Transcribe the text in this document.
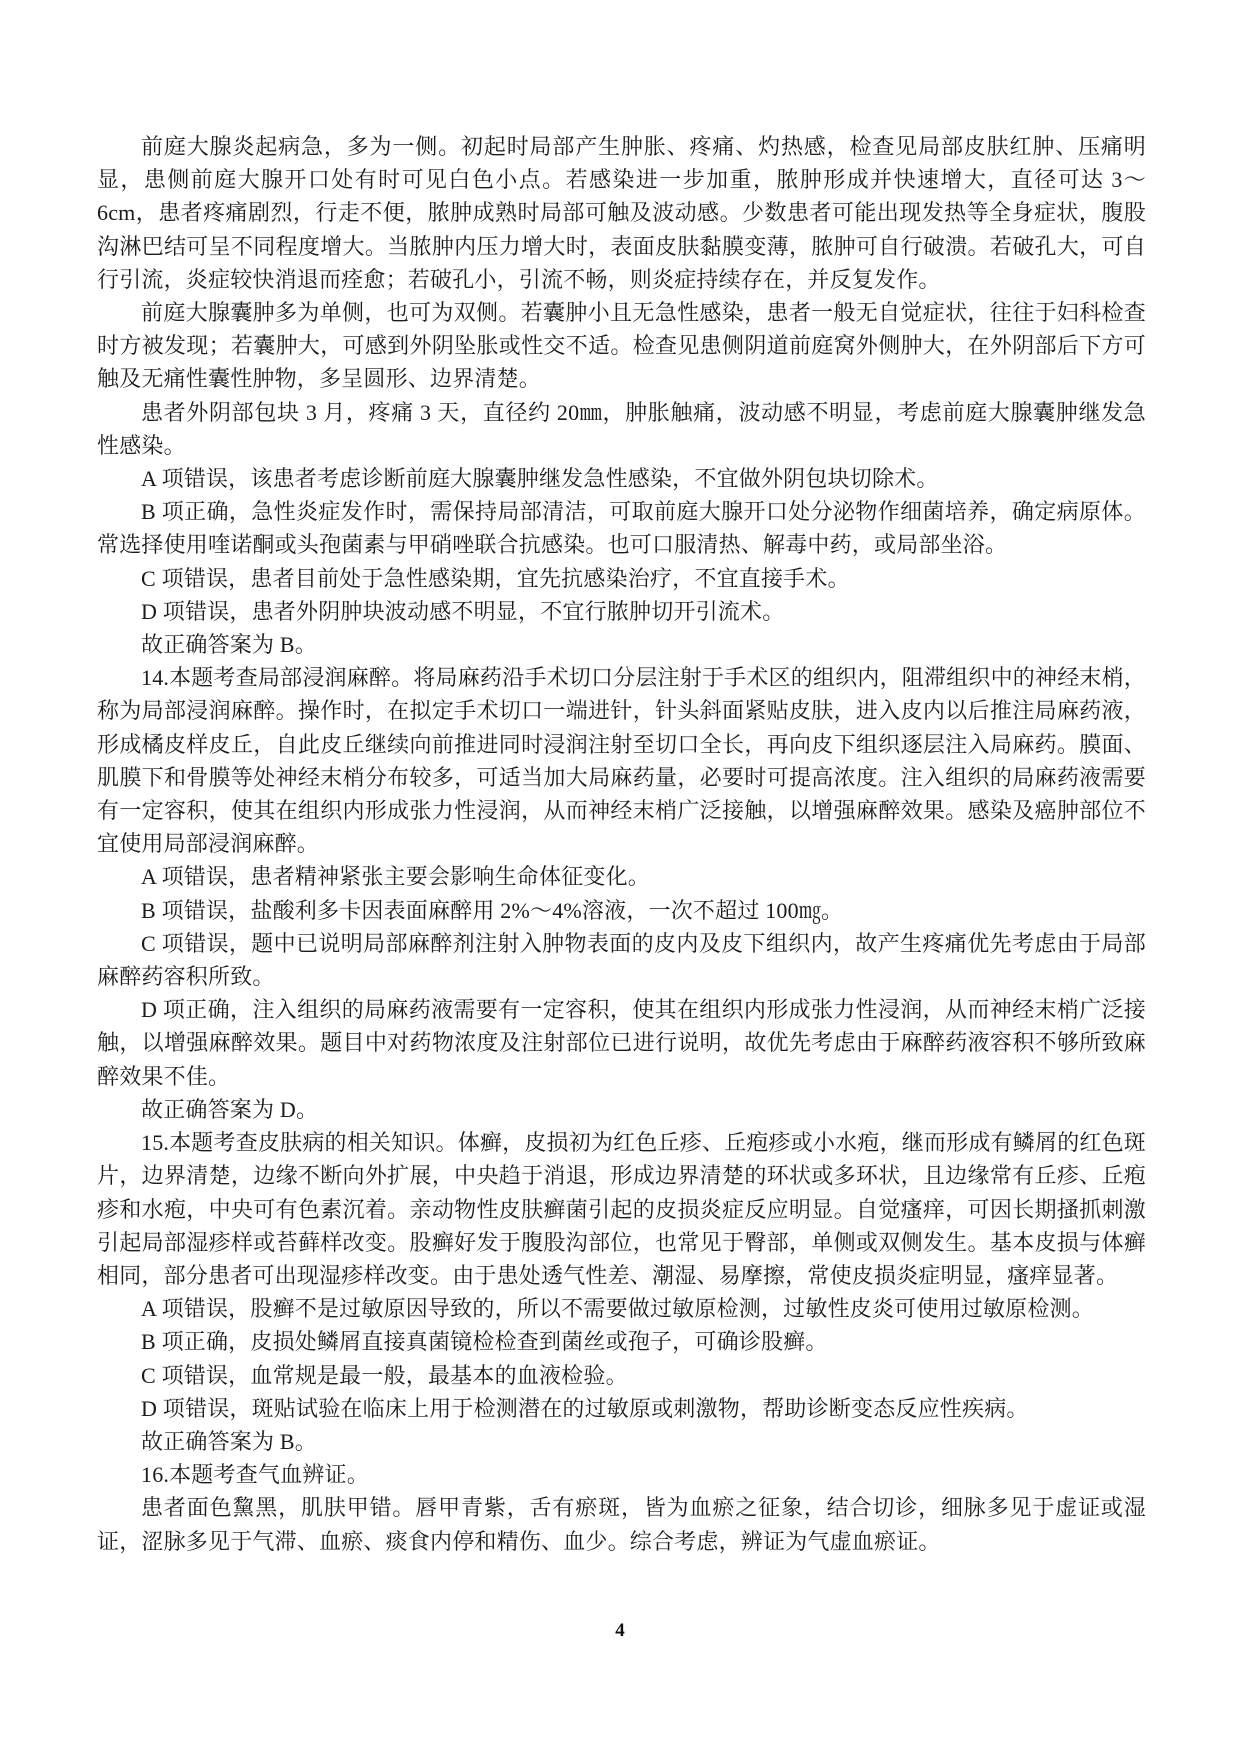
前庭大腺炎起病急，多为一侧。初起时局部产生肿胀、疼痛、灼热感，检查见局部皮肤红肿、压痛明显，患侧前庭大腺开口处有时可见白色小点。若感染进一步加重，脓肿形成并快速增大，直径可达 3～6cm，患者疼痛剧烈，行走不便，脓肿成熟时局部可触及波动感。少数患者可能出现发热等全身症状，腹股沟淋巴结可呈不同程度增大。当脓肿内压力增大时，表面皮肤黏膜变薄，脓肿可自行破溃。若破孔大，可自行引流，炎症较快消退而痊愈；若破孔小，引流不畅，则炎症持续存在，并反复发作。

前庭大腺囊肿多为单侧，也可为双侧。若囊肿小且无急性感染，患者一般无自觉症状，往往于妇科检查时方被发现；若囊肿大，可感到外阴坠胀或性交不适。检查见患侧阴道前庭窝外侧肿大，在外阴部后下方可触及无痛性囊性肿物，多呈圆形、边界清楚。

患者外阴部包块 3 月，疼痛 3 天，直径约 20㎜，肿胀触痛，波动感不明显，考虑前庭大腺囊肿继发急性感染。

A 项错误，该患者考虑诊断前庭大腺囊肿继发急性感染，不宜做外阴包块切除术。

B 项正确，急性炎症发作时，需保持局部清洁，可取前庭大腺开口处分泌物作细菌培养，确定病原体。常选择使用喹诺酮或头孢菌素与甲硝唑联合抗感染。也可口服清热、解毒中药，或局部坐浴。

C 项错误，患者目前处于急性感染期，宜先抗感染治疗，不宜直接手术。

D 项错误，患者外阴肿块波动感不明显，不宜行脓肿切开引流术。

故正确答案为 B。

14.本题考查局部浸润麻醉。将局麻药沿手术切口分层注射于手术区的组织内，阻滞组织中的神经末梢，称为局部浸润麻醉。操作时，在拟定手术切口一端进针，针头斜面紧贴皮肤，进入皮内以后推注局麻药液，形成橘皮样皮丘，自此皮丘继续向前推进同时浸润注射至切口全长，再向皮下组织逐层注入局麻药。膜面、肌膜下和骨膜等处神经末梢分布较多，可适当加大局麻药量，必要时可提高浓度。注入组织的局麻药液需要有一定容积，使其在组织内形成张力性浸润，从而神经末梢广泛接触，以增强麻醉效果。感染及癌肿部位不宜使用局部浸润麻醉。

A 项错误，患者精神紧张主要会影响生命体征变化。

B 项错误，盐酸利多卡因表面麻醉用 2%～4%溶液，一次不超过 100㎎。

C 项错误，题中已说明局部麻醉剂注射入肿物表面的皮内及皮下组织内，故产生疼痛优先考虑由于局部麻醉药容积所致。

D 项正确，注入组织的局麻药液需要有一定容积，使其在组织内形成张力性浸润，从而神经末梢广泛接触，以增强麻醉效果。题目中对药物浓度及注射部位已进行说明，故优先考虑由于麻醉药液容积不够所致麻醉效果不佳。

故正确答案为 D。

15.本题考查皮肤病的相关知识。体癣，皮损初为红色丘疹、丘疱疹或小水疱，继而形成有鳞屑的红色斑片，边界清楚，边缘不断向外扩展，中央趋于消退，形成边界清楚的环状或多环状，且边缘常有丘疹、丘疱疹和水疱，中央可有色素沉着。亲动物性皮肤癣菌引起的皮损炎症反应明显。自觉瘙痒，可因长期搔抓刺激引起局部湿疹样或苔藓样改变。股癣好发于腹股沟部位，也常见于臀部，单侧或双侧发生。基本皮损与体癣相同，部分患者可出现湿疹样改变。由于患处透气性差、潮湿、易摩擦，常使皮损炎症明显，瘙痒显著。

A 项错误，股癣不是过敏原因导致的，所以不需要做过敏原检测，过敏性皮炎可使用过敏原检测。

B 项正确，皮损处鳞屑直接真菌镜检检查到菌丝或孢子，可确诊股癣。

C 项错误，血常规是最一般，最基本的血液检验。

D 项错误，斑贴试验在临床上用于检测潜在的过敏原或刺激物，帮助诊断变态反应性疾病。

故正确答案为 B。

16.本题考查气血辨证。

患者面色黧黑，肌肤甲错。唇甲青紫，舌有瘀斑，皆为血瘀之征象，结合切诊，细脉多见于虚证或湿证，涩脉多见于气滞、血瘀、痰食内停和精伤、血少。综合考虑，辨证为气虚血瘀证。

4
